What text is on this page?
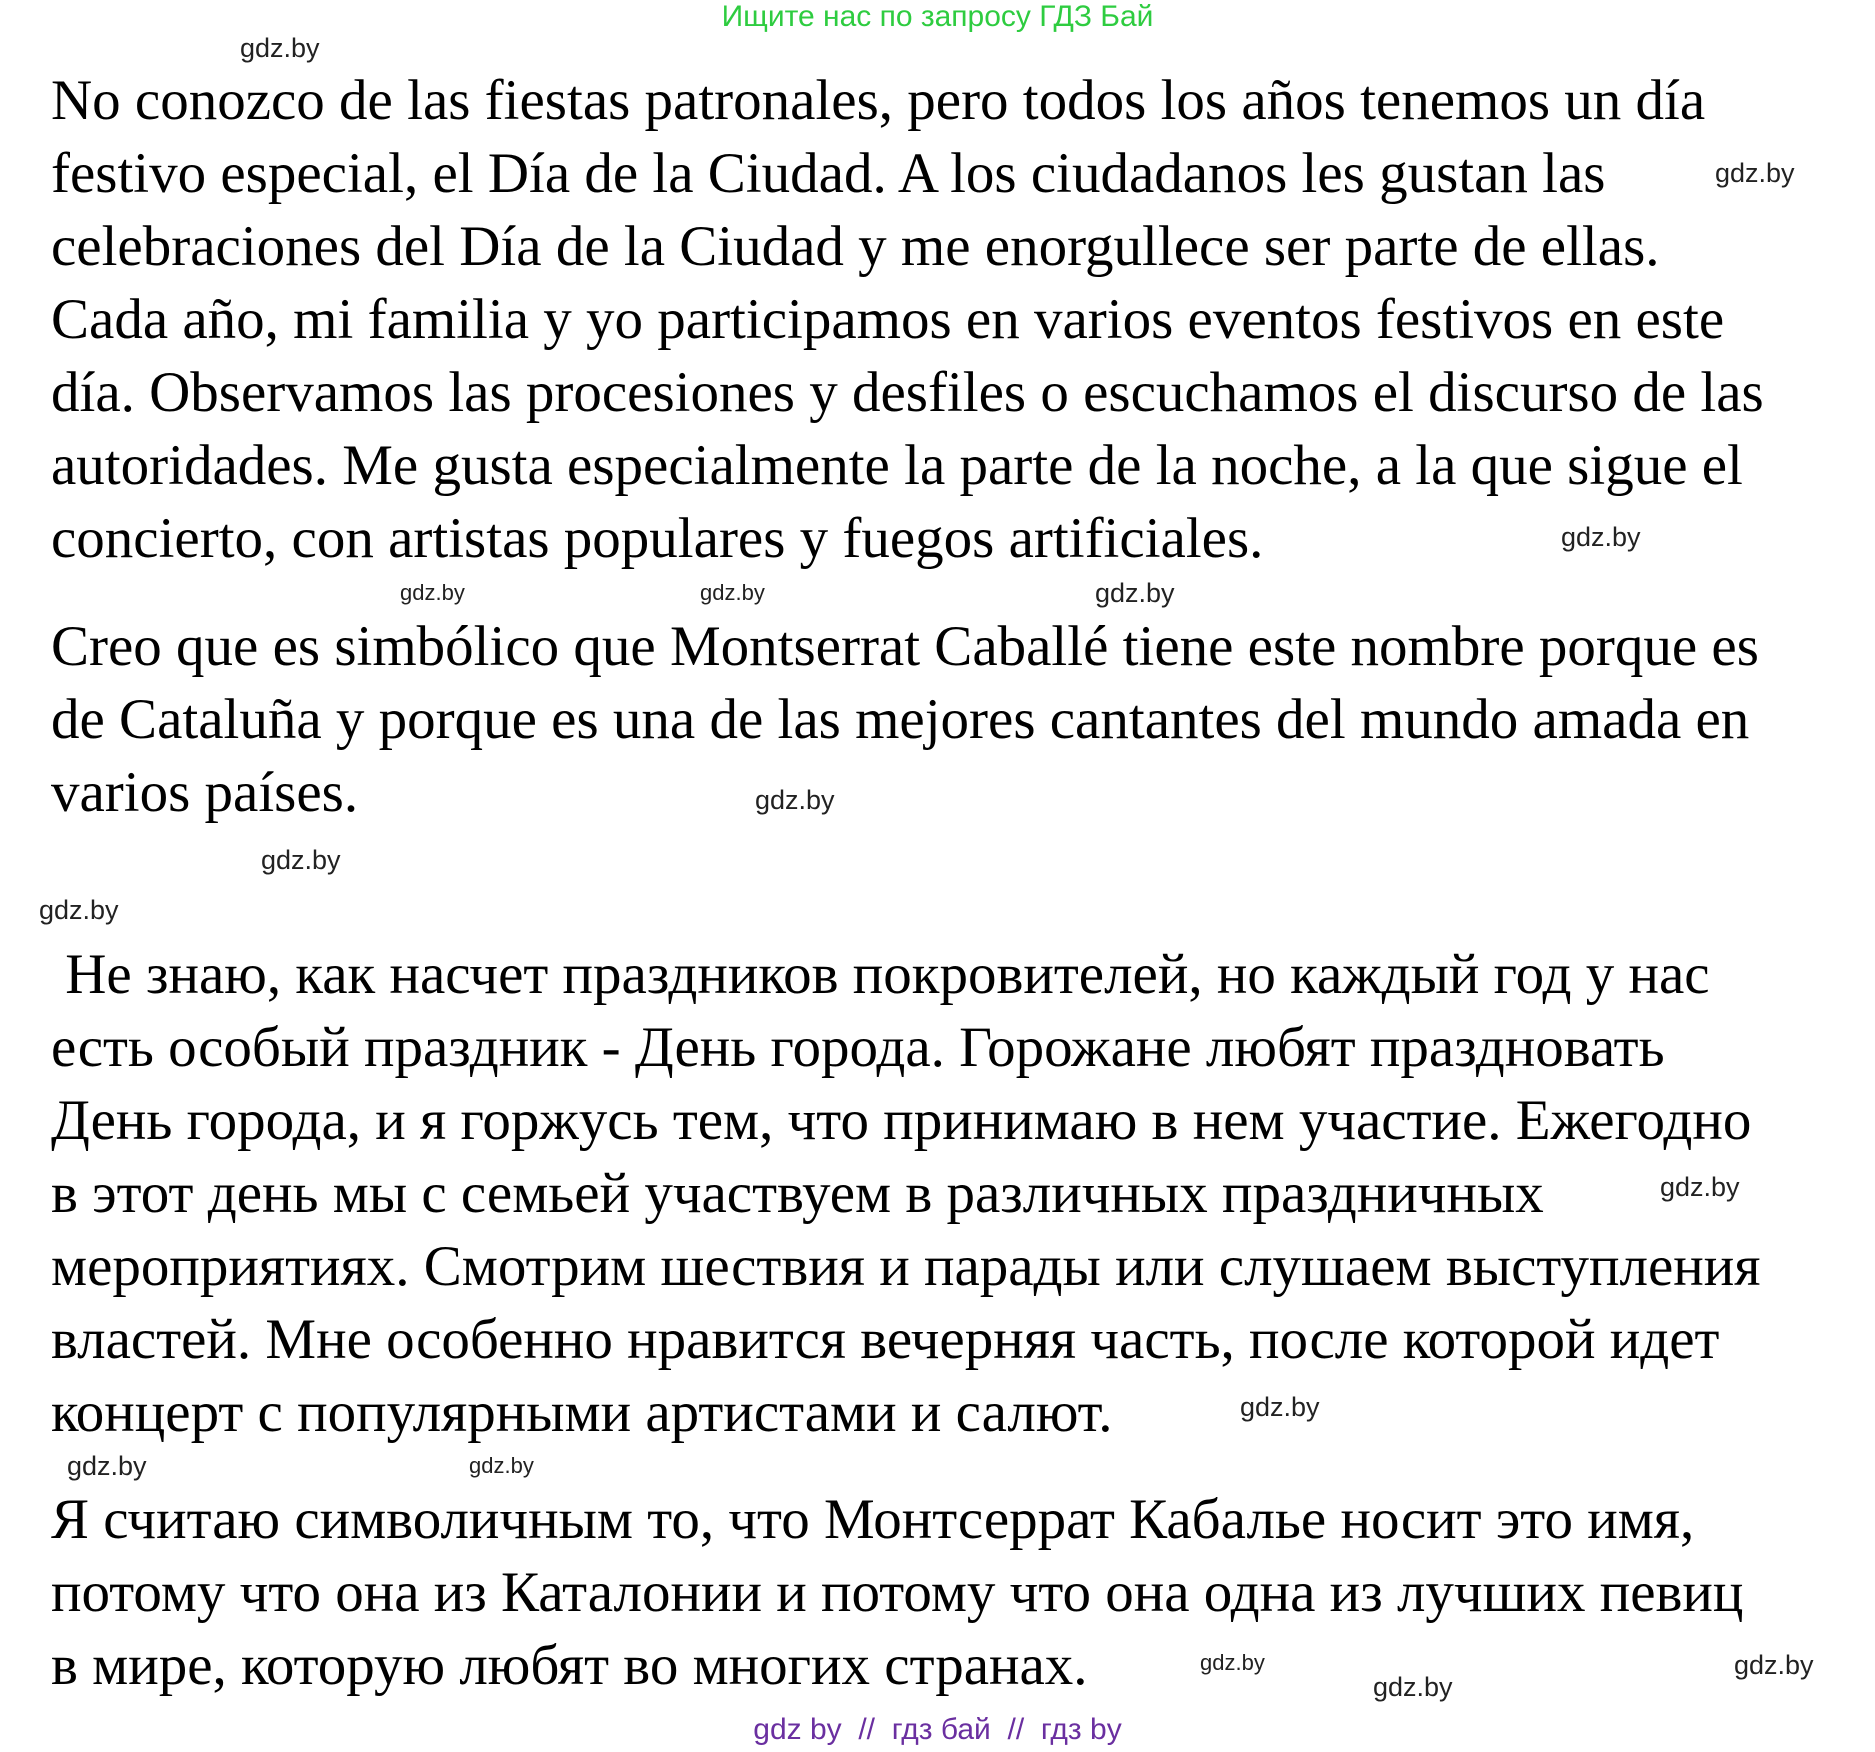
Ищите нас по запросу ГДЗ Бай
No conozco de las fiestas patronales, pero todos los años tenemos un día
festivo especial, el Día de la Ciudad. A los ciudadanos les gustan las
celebraciones del Día de la Ciudad y me enorgullece ser parte de ellas.
Cada año, mi familia y yo participamos en varios eventos festivos en este
día. Observamos las procesiones y desfiles o escuchamos el discurso de las
autoridades. Me gusta especialmente la parte de la noche, a la que sigue el
concierto, con artistas populares y fuegos artificiales.
Creo que es simbólico que Montserrat Caballé tiene este nombre porque es
de Cataluña y porque es una de las mejores cantantes del mundo amada en
varios países.
Не знаю, как насчет праздников покровителей, но каждый год у нас
есть особый праздник - День города. Горожане любят праздновать
День города, и я горжусь тем, что принимаю в нем участие. Ежегодно
в этот день мы с семьей участвуем в различных праздничных
мероприятиях. Смотрим шествия и парады или слушаем выступления
властей. Мне особенно нравится вечерняя часть, после которой идет
концерт с популярными артистами и салют.
Я считаю символичным то, что Монтсеррат Кабалье носит это имя,
потому что она из Каталонии и потому что она одна из лучших певиц
в мире, которую любят во многих странах.
gdz.by
gdz.by
gdz.by
gdz.by
gdz.by
gdz.by
gdz.by
gdz.by
gdz.by
gdz.by
gdz.by
gdz.by
gdz.by
gdz.by	gdz.by
gdz.by
gdz by  //  гдз бай  //  гдз by
